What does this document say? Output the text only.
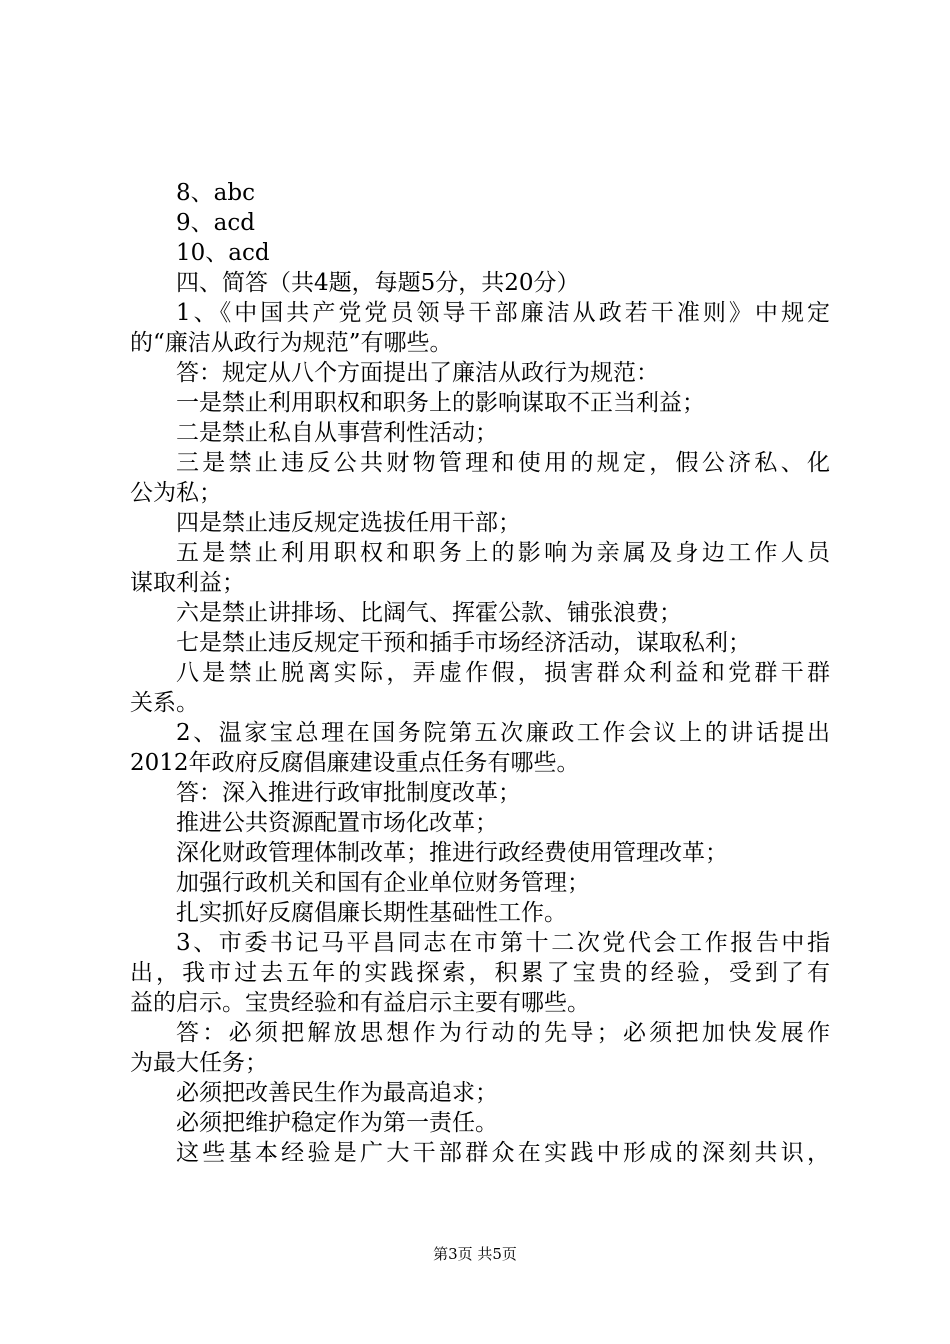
8、abc

9、acd

10、acd

四、简答（共4题，每题5分，共20分）

1、《中国共产党党员领导干部廉洁从政若干准则》中规定

的“廉洁从政行为规范”有哪些。

答：规定从八个方面提出了廉洁从政行为规范：

一是禁止利用职权和职务上的影响谋取不正当利益；

二是禁止私自从事营利性活动；

三是禁止违反公共财物管理和使用的规定，假公济私、化

公为私；

四是禁止违反规定选拔任用干部；

五是禁止利用职权和职务上的影响为亲属及身边工作人员

谋取利益；

六是禁止讲排场、比阔气、挥霍公款、铺张浪费；

七是禁止违反规定干预和插手市场经济活动，谋取私利；

八是禁止脱离实际，弄虚作假，损害群众利益和党群干群

关系。

2、温家宝总理在国务院第五次廉政工作会议上的讲话提出

2012年政府反腐倡廉建设重点任务有哪些。

答：深入推进行政审批制度改革；

推进公共资源配置市场化改革；

深化财政管理体制改革；推进行政经费使用管理改革；

加强行政机关和国有企业单位财务管理；

扎实抓好反腐倡廉长期性基础性工作。

3、市委书记马平昌同志在市第十二次党代会工作报告中指

出，我市过去五年的实践探索，积累了宝贵的经验，受到了有

益的启示。宝贵经验和有益启示主要有哪些。

答：必须把解放思想作为行动的先导；必须把加快发展作

为最大任务；

必须把改善民生作为最高追求；

必须把维护稳定作为第一责任。

这些基本经验是广大干部群众在实践中形成的深刻共识，

第3页 共5页
